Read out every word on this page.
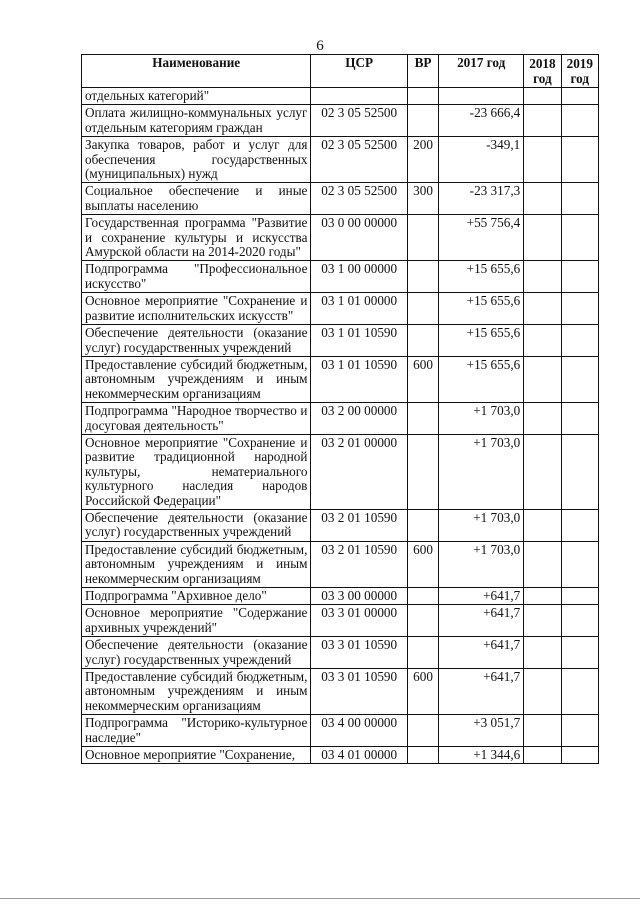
6
Наименование	ЦСР	ВР	2017 год	2018 год	2019 год
отдельных категорий"					
Оплата жилищно-коммунальных услуг отдельным категориям граждан	02 3 05 52500		-23 666,4		
Закупка товаров, работ и услуг для обеспечения государственных (муниципальных) нужд	02 3 05 52500	200	-349,1		
Социальное обеспечение и иные выплаты населению	02 3 05 52500	300	-23 317,3		
Государственная программа "Развитие и сохранение культуры и искусства Амурской области на 2014-2020 годы"	03 0 00 00000		+55 756,4		
Подпрограмма "Профессиональное искусство"	03 1 00 00000		+15 655,6		
Основное мероприятие "Сохранение и развитие исполнительских искусств"	03 1 01 00000		+15 655,6		
Обеспечение деятельности (оказание услуг) государственных учреждений	03 1 01 10590		+15 655,6		
Предоставление субсидий бюджетным, автономным учреждениям и иным некоммерческим организациям	03 1 01 10590	600	+15 655,6		
Подпрограмма "Народное творчество и досуговая деятельность"	03 2 00 00000		+1 703,0		
Основное мероприятие "Сохранение и развитие традиционной народной культуры, нематериального культурного наследия народов Российской Федерации"	03 2 01 00000		+1 703,0		
Обеспечение деятельности (оказание услуг) государственных учреждений	03 2 01 10590		+1 703,0		
Предоставление субсидий бюджетным, автономным учреждениям и иным некоммерческим организациям	03 2 01 10590	600	+1 703,0		
Подпрограмма "Архивное дело"	03 3 00 00000		+641,7		
Основное мероприятие "Содержание архивных учреждений"	03 3 01 00000		+641,7		
Обеспечение деятельности (оказание услуг) государственных учреждений	03 3 01 10590		+641,7		
Предоставление субсидий бюджетным, автономным учреждениям и иным некоммерческим организациям	03 3 01 10590	600	+641,7		
Подпрограмма "Историко-культурное наследие"	03 4 00 00000		+3 051,7		
Основное мероприятие "Сохранение,	03 4 01 00000		+1 344,6		
